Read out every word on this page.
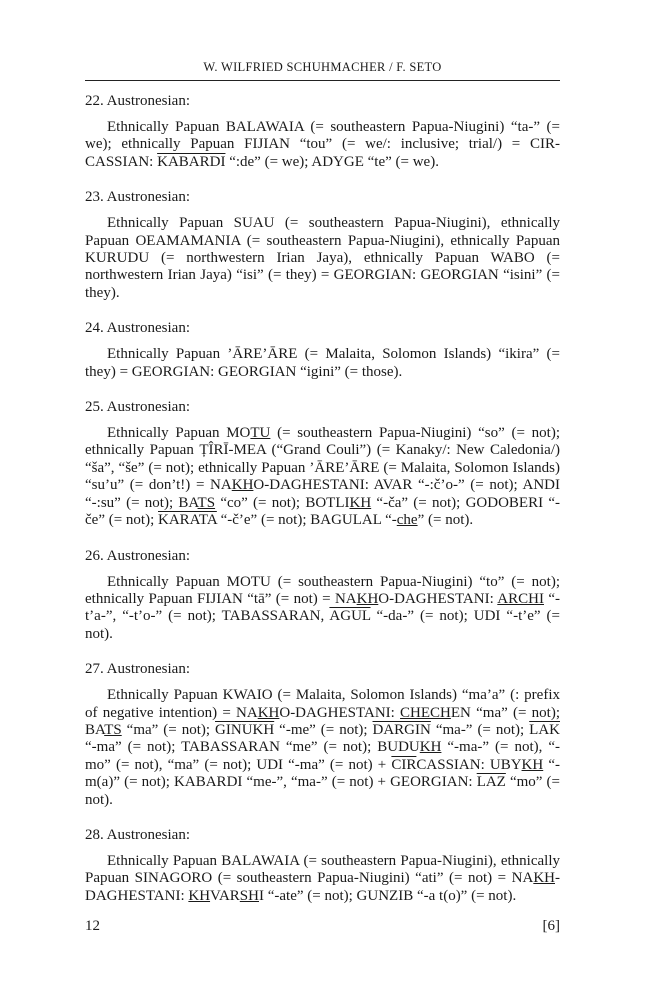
W. WILFRIED SCHUHMACHER / F. SETO
22. Austronesian:
Ethnically Papuan BALAWAIA (= southeastern Papua-Niugini) “ta-” (= we); ethnically Papuan FIJIAN “tou” (= we/: inclusive; trial/) = CIRCASSIAN: KABARDI “:de” (= we); ADYGE “te” (= we).
23. Austronesian:
Ethnically Papuan SUAU (= southeastern Papua-Niugini), ethnically Papuan OEAMAMANIA (= southeastern Papua-Niugini), ethnically Papuan KURUDU (= northwestern Irian Jaya), ethnically Papuan WABO (= northwestern Irian Jaya) “isi” (= they) = GEORGIAN: GEORGIAN “isini” (= they).
24. Austronesian:
Ethnically Papuan ’ĀRE’ĀRE (= Malaita, Solomon Islands) “ikira” (= they) = GEORGIAN: GEORGIAN “igini” (= those).
25. Austronesian:
Ethnically Papuan MOTU (= southeastern Papua-Niugini) “so” (= not); ethnically Papuan ȚÎRĪ-MEA (“Grand Couli”) (= Kanaky/: New Caledonia/) “ša”, “še” (= not); ethnically Papuan ’ĀRE’ĀRE (= Malaita, Solomon Islands) “su’u” (= don’t!) = NAKHO-DAGHESTANI: AVAR “-:č’o-” (= not); ANDI “-:su” (= not); BATS “co” (= not); BOTLIKH “-ča” (= not); GODOBERI “-če” (= not); KARATA “-č’e” (= not); BAGULAL “-che” (= not).
26. Austronesian:
Ethnically Papuan MOTU (= southeastern Papua-Niugini) “to” (= not); ethnically Papuan FIJIAN “tā” (= not) = NAKHO-DAGHESTANI: ARCHI “-t’a-”, “-t’o-” (= not); TABASSARAN, AGUL “-da-” (= not); UDI “-t’e” (= not).
27. Austronesian:
Ethnically Papuan KWAIO (= Malaita, Solomon Islands) “ma’a” (: prefix of negative intention) = NAKHO-DAGHESTANI: CHECHEN “ma” (= not); BATS “ma” (= not); GINUKH “-me” (= not); DARGIN “ma-” (= not); $\overline{LAK}$ “-ma” (= not); TABASSARAN “me” (= not); BUDUKH “-ma-” (= not), “-mo” (= not), “ma” (= not); UDI “-ma” (= $not) + \overline{CIR}CASSIAN$: UBYKH “-m(a)” (= not); KABARDI “me-”, “ma-” (= not) + GEORGIAN: $\overline{LAZ}$ “mo” (= not).
28. Austronesian:
Ethnically Papuan BALAWAIA (= southeastern Papua-Niugini), ethnically Papuan SINAGORO (= southeastern Papua-Niugini) “ati” (= not) = NAKH-DAGHESTANI: KHVARSHI “-ate” (= not); GUNZIB “-a t(o)” (= not).
12	[6]
